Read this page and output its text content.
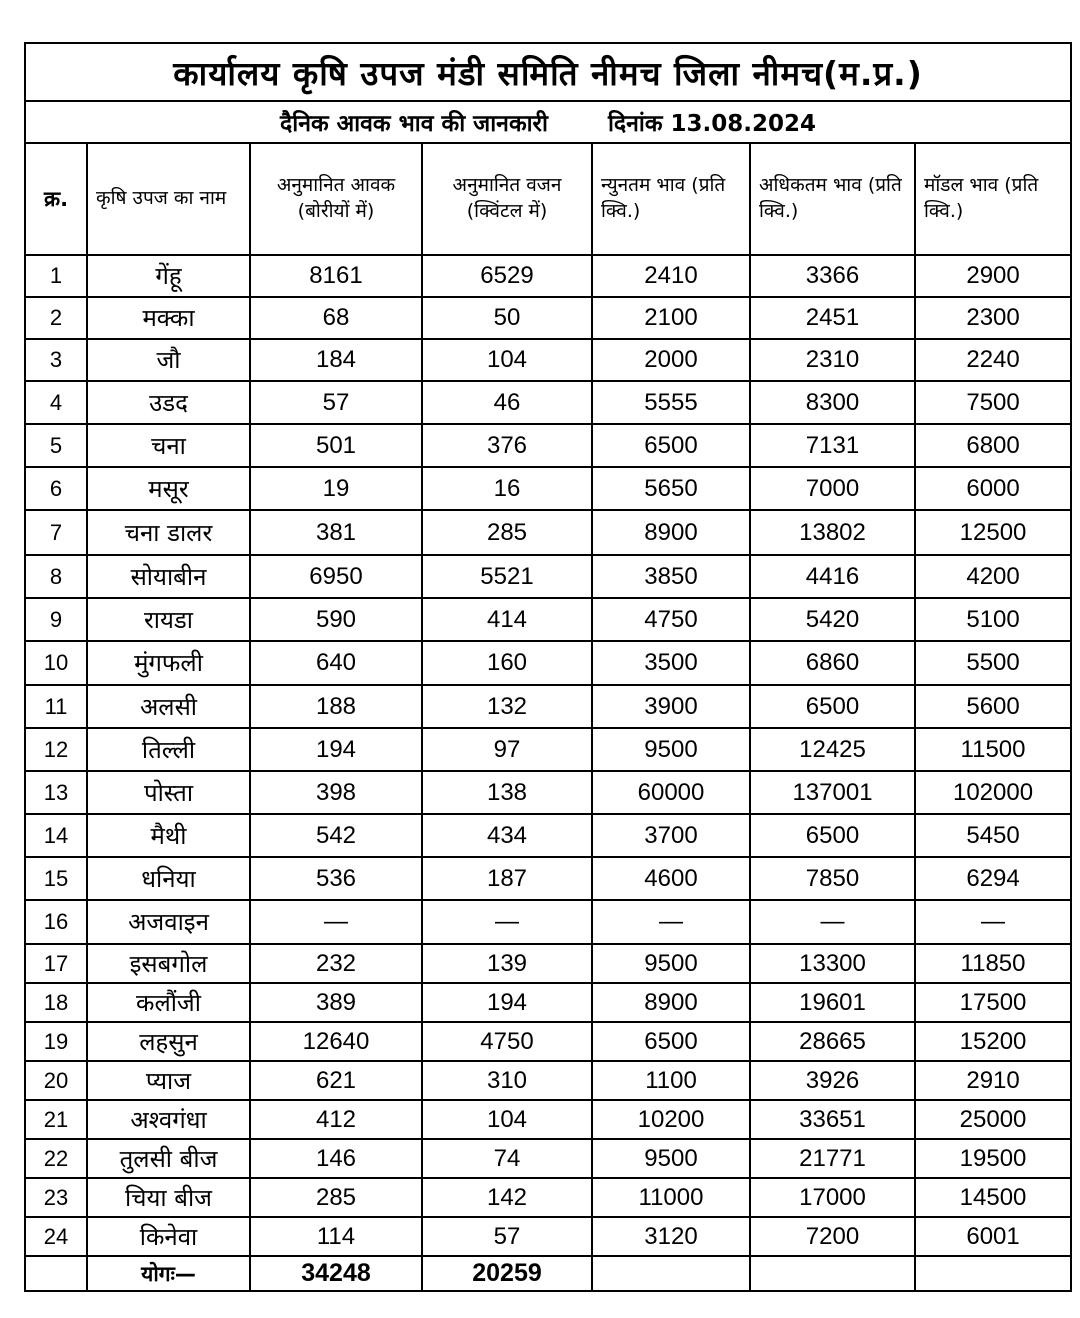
कार्यालय कृषि उपज मंडी समिति नीमच जिला नीमच(म.प्र.)						
दैनिक आवक भाव की जानकारी दिनांक 13.08.2024						
क्र.	कृषि उपज का नाम	अनुमानित आवक (बोरीयों में)	अनुमानित वजन (क्विंटल में)	न्युनतम भाव (प्रति क्वि.)	अधिकतम भाव (प्रति क्वि.)	मॉडल भाव (प्रति क्वि.)
1	गेंहू	8161	6529	2410	3366	2900
2	मक्का	68	50	2100	2451	2300
3	जौ	184	104	2000	2310	2240
4	उडद	57	46	5555	8300	7500
5	चना	501	376	6500	7131	6800
6	मसूर	19	16	5650	7000	6000
7	चना डालर	381	285	8900	13802	12500
8	सोयाबीन	6950	5521	3850	4416	4200
9	रायडा	590	414	4750	5420	5100
10	मुंगफली	640	160	3500	6860	5500
11	अलसी	188	132	3900	6500	5600
12	तिल्ली	194	97	9500	12425	11500
13	पोस्ता	398	138	60000	137001	102000
14	मैथी	542	434	3700	6500	5450
15	धनिया	536	187	4600	7850	6294
16	अजवाइन	—	—	—	—	—
17	इसबगोल	232	139	9500	13300	11850
18	कलौंजी	389	194	8900	19601	17500
19	लहसुन	12640	4750	6500	28665	15200
20	प्याज	621	310	1100	3926	2910
21	अश्वगंधा	412	104	10200	33651	25000
22	तुलसी बीज	146	74	9500	21771	19500
23	चिया बीज	285	142	11000	17000	14500
24	किनेवा	114	57	3120	7200	6001
	योगः—	34248	20259			
